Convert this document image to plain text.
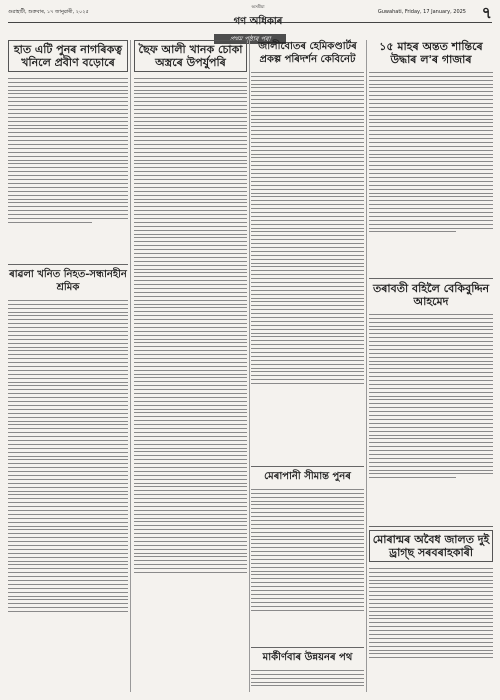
গুৱাহাটী, শুক্ৰবাৰ, ১৭ জানুৱাৰী, ২০২৫
অসমীয়া
গণ অধিকাৰ
Guwahati, Friday, 17 January, 2025 ৭
প্ৰথম পৃষ্ঠাৰ পৰা
হাত এটি পুনৰ নাগৰিকত্ব খনিলে প্ৰবীণ বড়োৰে
ৰাৱলা খনিত নিহত-সন্ধানহীন শ্ৰমিক
ছৈফ আলী খানক চোকা অস্ত্ৰৰে উপৰ্যুপৰি
জালীবোতৰ হেমিকণ্ডাৰ্টৰ প্ৰকল্প পৰিদৰ্শন কেবিনেট
মেৰাপানী সীমান্ত পুনৰ
মাৰ্কীৰ্ণবাৰ উন্নয়নৰ পথ
১৫ মাহৰ অন্তত শান্তিৰে উদ্ধাৰ ল'ৰ গাজাৰ
তৰাবতী বহিলৈ বেকিবুদ্দিন আহমেদ
মোৰান্মৰ অবৈধ জালত দুই ড্ৰাগ্‌ছ সৰবৰাহকাৰী
